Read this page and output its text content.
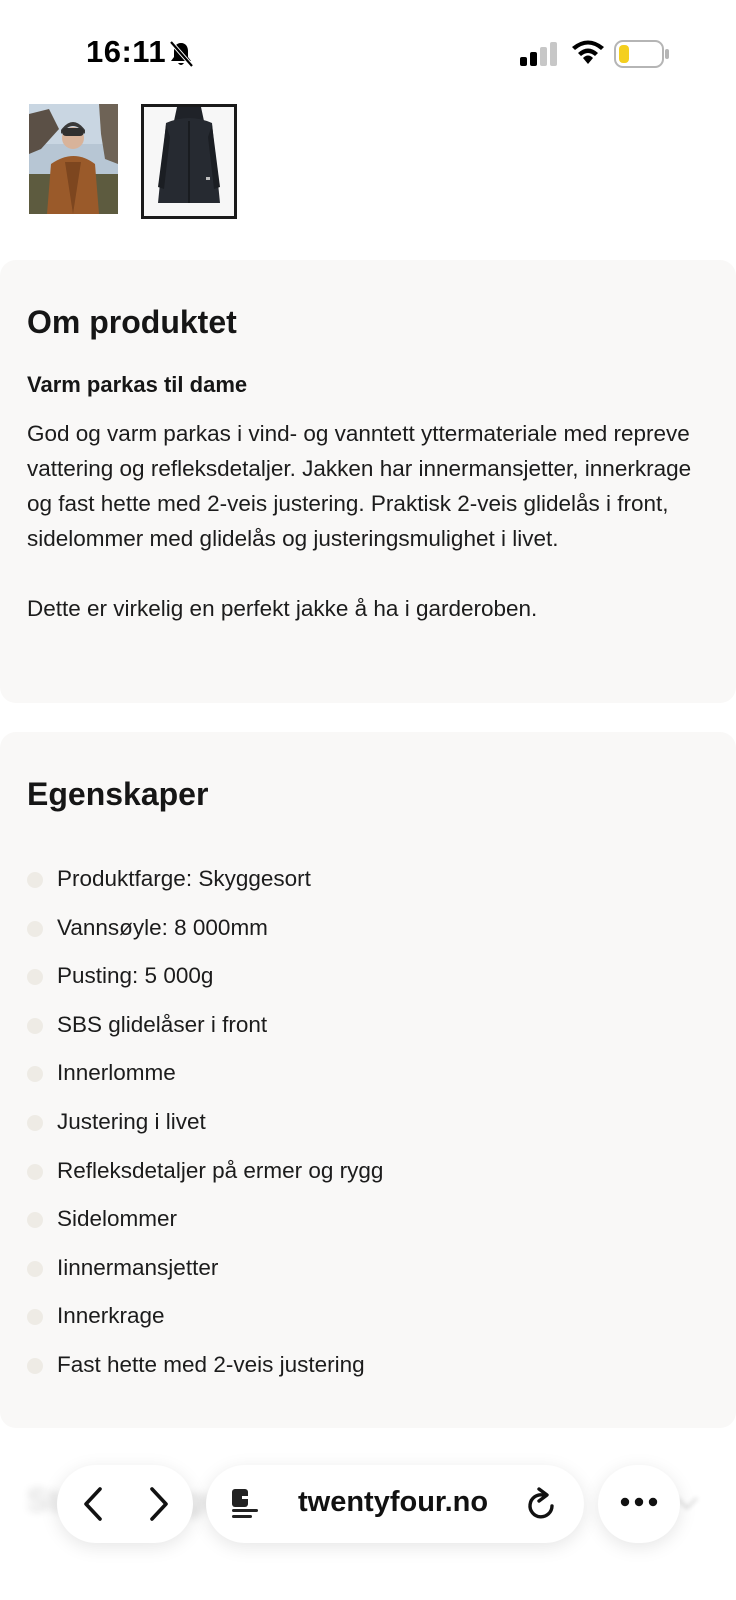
16:11
Om produktet
Varm parkas til dame

God og varm parkas i vind- og vanntett yttermateriale med repreve vattering og refleksdetaljer. Jakken har innermansjetter, innerkrage og fast hette med 2-veis justering. Praktisk 2-veis glidelås i front, sidelommer med glidelås og justeringsmulighet i livet.

Dette er virkelig en perfekt jakke å ha i garderoben.

Egenskaper
Produktfarge: Skyggesort
Vannsøyle: 8 000mm
Pusting: 5 000g
SBS glidelåser i front
Innerlomme
Justering i livet
Refleksdetaljer på ermer og rygg
Sidelommer
Iinnermansjetter
Innerkrage
Fast hette med 2-veis justering
twentyfour.no
